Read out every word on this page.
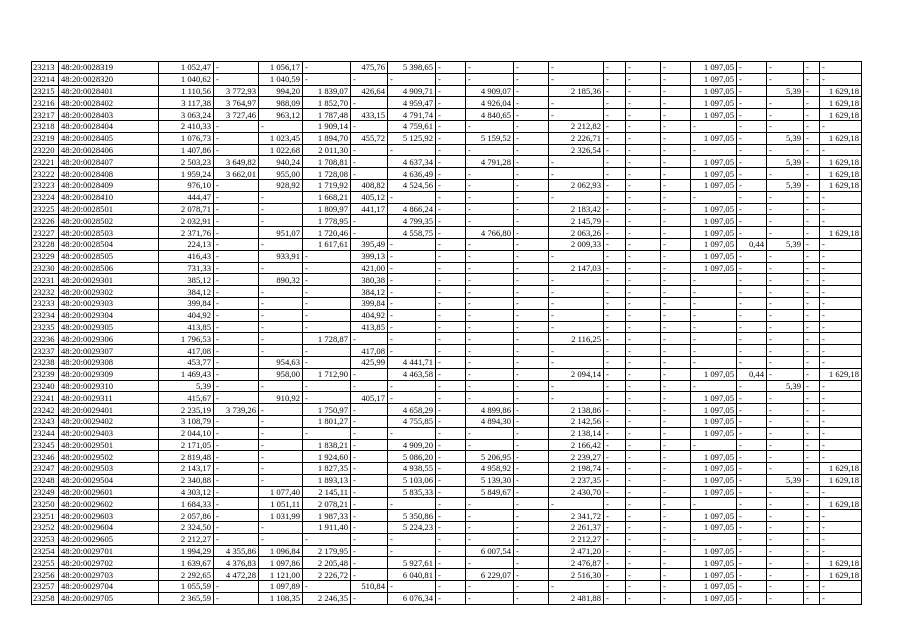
23213	48:20:0028319	1 052,47	-	1 056,17	-	475,76	5 398,65	-	-	-	-	-	-	-	1 097,05	-	-	-	-
23214	48:20:0028320	1 040,62	-	1 040,59	-	-	-	-	-	-	-	-	-	-	1 097,05	-	-	-	-
23215	48:20:0028401	1 110,56	3 772,93	994,20	1 839,07	426,64	4 909,71	-	4 909,07	-	2 185,36	-	-	-	1 097,05	-	5,39	-	1 629,18
23216	48:20:0028402	3 117,38	3 764,97	988,09	1 852,70	-	4 959,47	-	4 926,04	-	-	-	-	-	1 097,05	-	-	-	1 629,18
23217	48:20:0028403	3 063,24	3 727,46	963,12	1 787,48	433,15	4 791,74	-	4 840,65	-	-	-	-	-	1 097,05	-	-	-	1 629,18
23218	48:20:0028404	2 410,33	-	-	1 909,14	-	4 759,61	-	-	-	2 212,82	-	-	-	-	-	-	-	-
23219	48:20:0028405	1 076,73	-	1 023,45	1 894,70	455,72	5 125,92	-	5 159,52	-	2 226,71	-	-	-	1 097,05	-	5,39	-	1 629,18
23220	48:20:0028406	1 407,86	-	1 022,68	2 011,30	-	-	-	-	-	2 326,54	-	-	-	-	-	-	-	-
23221	48:20:0028407	2 503,23	3 649,82	940,24	1 708,81	-	4 637,34	-	4 791,28	-	-	-	-	-	1 097,05	-	5,39	-	1 629,18
23222	48:20:0028408	1 959,24	3 662,01	955,00	1 728,08	-	4 636,49	-	-	-	-	-	-	-	1 097,05	-	-	-	1 629,18
23223	48:20:0028409	976,10	-	928,92	1 719,92	408,82	4 524,56	-	-	-	2 062,93	-	-	-	1 097,05	-	5,39	-	1 629,18
23224	48:20:0028410	444,47	-	-	1 668,21	405,12	-	-	-	-	-	-	-	-	-	-	-	-	-
23225	48:20:0028501	2 078,71	-	-	1 809,97	441,17	4 866,24	-	-	-	2 183,42	-	-	-	1 097,05	-	-	-	-
23226	48:20:0028502	2 032,91	-	-	1 778,95	-	4 799,35	-	-	-	2 145,79	-	-	-	1 097,05	-	-	-	-
23227	48:20:0028503	2 371,76	-	951,07	1 720,46	-	4 558,75	-	4 766,80	-	2 063,26	-	-	-	1 097,05	-	-	-	1 629,18
23228	48:20:0028504	224,13	-	-	1 617,61	395,49	-	-	-	-	2 009,33	-	-	-	1 097,05	0,44	5,39	-	-
23229	48:20:0028505	416,43	-	933,91	-	399,13	-	-	-	-	-	-	-	-	1 097,05	-	-	-	-
23230	48:20:0028506	731,33	-	-	-	421,00	-	-	-	-	2 147,03	-	-	-	1 097,05	-	-	-	-
23231	48:20:0029301	385,12	-	890,32	-	380,38	-	-	-	-	-	-	-	-	-	-	-	-	-
23232	48:20:0029302	384,12	-	-	-	384,12	-	-	-	-	-	-	-	-	-	-	-	-	-
23233	48:20:0029303	399,84	-	-	-	399,84	-	-	-	-	-	-	-	-	-	-	-	-	-
23234	48:20:0029304	404,92	-	-	-	404,92	-	-	-	-	-	-	-	-	-	-	-	-	-
23235	48:20:0029305	413,85	-	-	-	413,85	-	-	-	-	-	-	-	-	-	-	-	-	-
23236	48:20:0029306	1 796,53	-	-	1 728,87	-	-	-	-	-	2 116,25	-	-	-	-	-	-	-	-
23237	48:20:0029307	417,08	-	-	-	417,08	-	-	-	-	-	-	-	-	-	-	-	-	-
23238	48:20:0029308	453,77	-	954,63	-	425,99	4 441,71	-	-	-	-	-	-	-	-	-	-	-	-
23239	48:20:0029309	1 469,43	-	958,00	1 712,90	-	4 463,58	-	-	-	2 094,14	-	-	-	1 097,05	0,44	-	-	1 629,18
23240	48:20:0029310	5,39	-	-	-	-	-	-	-	-	-	-	-	-	-	-	5,39	-	-
23241	48:20:0029311	415,67	-	910,92	-	405,17	-	-	-	-	-	-	-	-	1 097,05	-	-	-	-
23242	48:20:0029401	2 235,19	3 739,26	-	1 750,97	-	4 658,29	-	4 899,86	-	2 138,86	-	-	-	1 097,05	-	-	-	-
23243	48:20:0029402	3 108,79	-	-	1 801,27	-	4 755,85	-	4 894,30	-	2 142,56	-	-	-	1 097,05	-	-	-	-
23244	48:20:0029403	2 044,10	-	-	-	-	-	-	-	-	2 138,14	-	-	-	1 097,05	-	-	-	-
23245	48:20:0029501	2 171,05	-	-	1 838,21	-	4 909,20	-	-	-	2 166,42	-	-	-	-	-	-	-	-
23246	48:20:0029502	2 819,48	-	-	1 924,60	-	5 086,20	-	5 206,95	-	2 239,27	-	-	-	1 097,05	-	-	-	-
23247	48:20:0029503	2 143,17	-	-	1 827,35	-	4 938,55	-	4 958,92	-	2 198,74	-	-	-	1 097,05	-	-	-	1 629,18
23248	48:20:0029504	2 340,88	-	-	1 893,13	-	5 103,06	-	5 139,30	-	2 237,35	-	-	-	1 097,05	-	5,39	-	1 629,18
23249	48:20:0029601	4 303,12	-	1 077,40	2 145,11	-	5 835,33	-	5 849,67	-	2 430,70	-	-	-	1 097,05	-	-	-	-
23250	48:20:0029602	1 684,33	-	1 051,11	2 078,21	-	-	-	-	-	-	-	-	-	-	-	-	-	1 629,18
23251	48:20:0029603	2 057,86	-	1 031,99	1 987,33	-	5 350,86	-	-	-	2 341,72	-	-	-	1 097,05	-	-	-	-
23252	48:20:0029604	2 324,50	-	-	1 911,40	-	5 224,23	-	-	-	2 261,37	-	-	-	1 097,05	-	-	-	-
23253	48:20:0029605	2 212,27	-	-	-	-	-	-	-	-	2 212,27	-	-	-	-	-	-	-	-
23254	48:20:0029701	1 994,29	4 355,86	1 096,84	2 179,95	-	-	-	6 007,54	-	2 471,20	-	-	-	1 097,05	-	-	-	-
23255	48:20:0029702	1 639,67	4 376,83	1 097,86	2 205,48	-	5 927,61	-	-	-	2 476,87	-	-	-	1 097,05	-	-	-	1 629,18
23256	48:20:0029703	2 292,65	4 472,28	1 121,00	2 226,72	-	6 040,81	-	6 229,07	-	2 516,30	-	-	-	1 097,05	-	-	-	1 629,18
23257	48:20:0029704	1 055,59	-	1 097,89	-	510,84	-	-	-	-	-	-	-	-	1 097,05	-	-	-	-
23258	48:20:0029705	2 365,59	-	1 108,35	2 246,35	-	6 076,34	-	-	-	2 481,88	-	-	-	1 097,05	-	-	-	-
